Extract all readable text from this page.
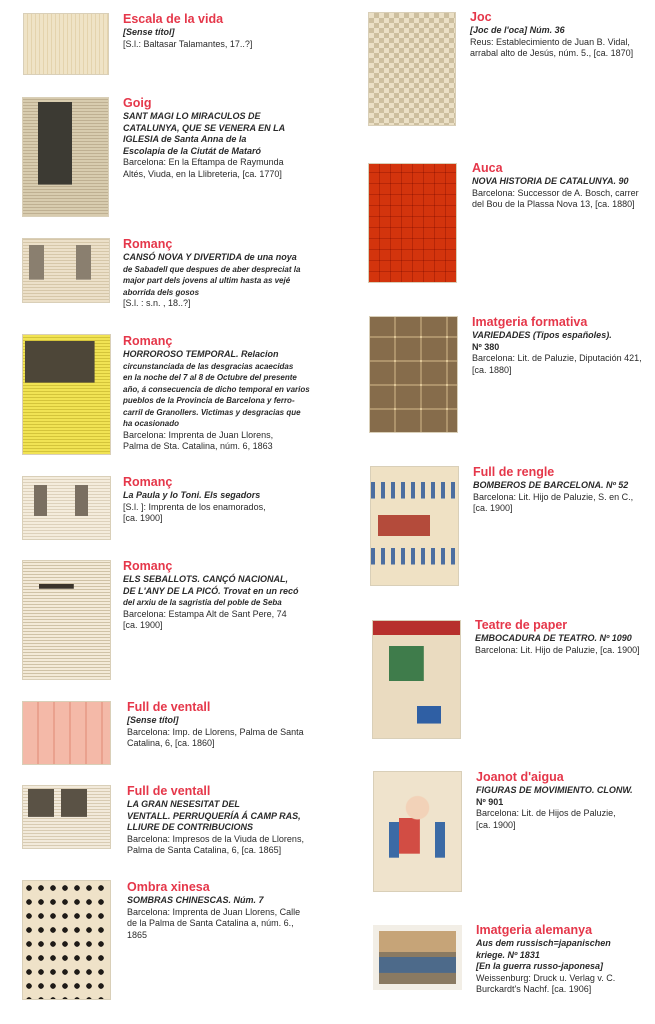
Escala de la vida
[Sense títol]
[S.l.: Baltasar Talamantes, 17..?]
Goig
SANT MAGI LO MIRACULOS DE
CATALUNYA, QUE SE VENERA EN LA
IGLESIA de Santa Anna de la
Escolapia de la Ciutát de Mataró
Barcelona: En la Eftampa de Raymunda
Altés, Viuda, en la Llibreteria, [ca. 1770]
Romanç
CANSÓ NOVA Y DIVERTIDA de una noya
de Sabadell que despues de aber despreciat la
major part dels jovens al ultim hasta as vejé
aborrida dels gosos
[S.l. : s.n. , 18..?]
Romanç
HORROROSO TEMPORAL. Relacion
circunstanciada de las desgracias acaecidas
en la noche del 7 al 8 de Octubre del presente
año, á consecuencia de dicho temporal en varios
pueblos de la Provincia de Barcelona y ferro-
carril de Granollers. Victimas y desgracias que
ha ocasionado
Barcelona: Imprenta de Juan Llorens,
Palma de Sta. Catalina, núm. 6, 1863
Romanç
La Paula y lo Toni. Els segadors
[S.l. ]: Imprenta de los enamorados,
[ca. 1900]
Romanç
ELS SEBALLOTS. CANÇÓ NACIONAL,
DE L'ANY DE LA PICÓ. Trovat en un recó
del arxiu de la sagristia del poble de Seba
Barcelona: Estampa Alt de Sant Pere, 74
[ca. 1900]
Full de ventall
[Sense títol]
Barcelona: Imp. de Llorens, Palma de Santa
Catalina, 6, [ca. 1860]
Full de ventall
LA GRAN NESESITAT DEL
VENTALL. PERRUQUERÍA Á CAMP RAS,
LLIURE DE CONTRIBUCIONS
Barcelona: Impresos de la Viuda de Llorens,
Palma de Santa Catalina, 6, [ca. 1865]
Ombra xinesa
SOMBRAS CHINESCAS. Núm. 7
Barcelona: Imprenta de Juan Llorens, Calle
de la Palma de Santa Catalina a, núm. 6.,
1865
Joc
[Joc de l'oca] Núm. 36
Reus: Establecimiento de Juan B. Vidal,
arrabal alto de Jesús, núm. 5., [ca. 1870]
Auca
NOVA HISTORIA DE CATALUNYA. 90
Barcelona: Successor de A. Bosch, carrer
del Bou de la Plassa Nova 13, [ca. 1880]
Imatgeria formativa
VARIEDADES (Tipos españoles).
Nº 380
Barcelona: Lit. de Paluzie, Diputación 421,
[ca. 1880]
Full de rengle
BOMBEROS DE BARCELONA. Nº 52
Barcelona: Lit. Hijo de Paluzie, S. en C.,
[ca. 1900]
Teatre de paper
EMBOCADURA DE TEATRO. Nº 1090
Barcelona: Lit. Hijo de Paluzie, [ca. 1900]
Joanot d'aigua
FIGURAS DE MOVIMIENTO. CLONW.
Nº 901
Barcelona: Lit. de Hijos de Paluzie,
[ca. 1900]
Imatgeria alemanya
Aus dem russisch=japanischen
kriege. Nº 1831
[En la guerra russo-japonesa]
Weissenburg: Druck u. Verlag v. C.
Burckardt's Nachf. [ca. 1906]
